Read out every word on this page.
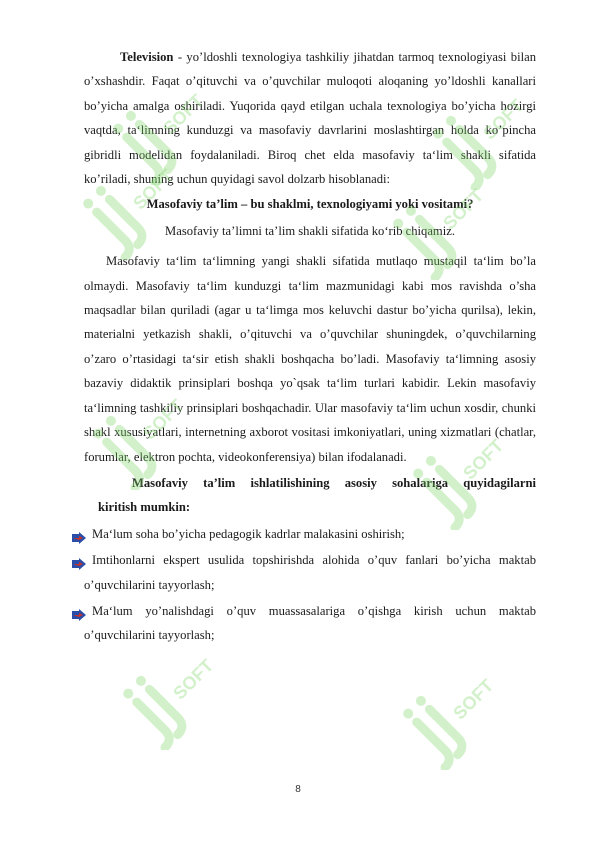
Television - yo’ldoshli texnologiya tashkiliy jihatdan tarmoq texnologiyasi bilan o’xshashdir. Faqat o’qituvchi va o’quvchilar muloqoti aloqaning yo’ldoshli kanallari bo’yicha amalga oshiriladi. Yuqorida qayd etilgan uchala texnologiya bo’yicha hozirgi vaqtda, ta‘limning kunduzgi va masofaviy davrlarini moslashtirgan holda ko’pincha gibridli modelidan foydalaniladi. Biroq chet elda masofaviy ta‘lim shakli sifatida ko’riladi, shuning uchun quyidagi savol dolzarb hisoblanadi:

Masofaviy ta’lim – bu shaklmi, texnologiyami yoki vositami?

Masofaviy ta’limni ta’lim shakli sifatida ko‘rib chiqamiz.

Masofaviy ta‘lim ta‘limning yangi shakli sifatida mutlaqo mustaqil ta‘lim bo’la olmaydi. Masofaviy ta‘lim kunduzgi ta‘lim mazmunidagi kabi mos ravishda o’sha maqsadlar bilan quriladi (agar u ta‘limga mos keluvchi dastur bo’yicha qurilsa), lekin, materialni yetkazish shakli, o’qituvchi va o’quvchilar shuningdek, o’quvchilarning o’zaro o’rtasidagi ta‘sir etish shakli boshqacha bo’ladi. Masofaviy ta‘limning asosiy bazaviy didaktik prinsiplari boshqa yo`qsak ta‘lim turlari kabidir. Lekin masofaviy ta‘limning tashkiliy prinsiplari boshqachadir. Ular masofaviy ta‘lim uchun xosdir, chunki shakl xususiyatlari, internetning axborot vositasi imkoniyatlari, uning xizmatlari (chatlar, forumlar, elektron pochta, videokonferensiya) bilan ifodalanadi.

Masofaviy ta’lim ishlatilishining asosiy sohalariga quyidagilarni

kiritish mumkin:

Ma‘lum soha bo’yicha pedagogik kadrlar malakasini oshirish;

Imtihonlarni ekspert usulida topshirishda alohida o’quv fanlari bo’yicha maktab o’quvchilarini tayyorlash;

Ma‘lum yo’nalishdagi o’quv muassasalariga o’qishga kirish uchun maktab o’quvchilarini tayyorlash;

8
SOFT	SOFT
SOFT	SOFT
SOFT
SOFT
SOFT	SOFT
